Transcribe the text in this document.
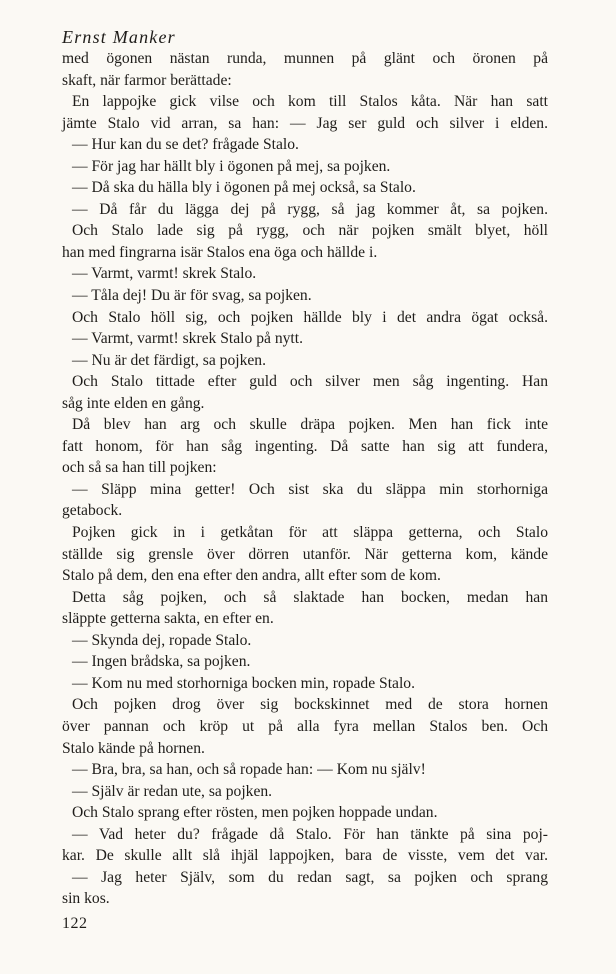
Ernst Manker
med ögonen nästan runda, munnen på glänt och öronen på
skaft, när farmor berättade:
En lappojke gick vilse och kom till Stalos kåta. När han satt
jämte Stalo vid arran, sa han: — Jag ser guld och silver i elden.
— Hur kan du se det? frågade Stalo.
— För jag har hällt bly i ögonen på mej, sa pojken.
— Då ska du hälla bly i ögonen på mej också, sa Stalo.
— Då får du lägga dej på rygg, så jag kommer åt, sa pojken.
Och Stalo lade sig på rygg, och när pojken smält blyet, höll
han med fingrarna isär Stalos ena öga och hällde i.
— Varmt, varmt! skrek Stalo.
— Tåla dej! Du är för svag, sa pojken.
Och Stalo höll sig, och pojken hällde bly i det andra ögat också.
— Varmt, varmt! skrek Stalo på nytt.
— Nu är det färdigt, sa pojken.
Och Stalo tittade efter guld och silver men såg ingenting. Han
såg inte elden en gång.
Då blev han arg och skulle dräpa pojken. Men han fick inte
fatt honom, för han såg ingenting. Då satte han sig att fundera,
och så sa han till pojken:
— Släpp mina getter! Och sist ska du släppa min storhorniga
getabock.
Pojken gick in i getkåtan för att släppa getterna, och Stalo
ställde sig grensle över dörren utanför. När getterna kom, kände
Stalo på dem, den ena efter den andra, allt efter som de kom.
Detta såg pojken, och så slaktade han bocken, medan han
släppte getterna sakta, en efter en.
— Skynda dej, ropade Stalo.
— Ingen brådska, sa pojken.
— Kom nu med storhorniga bocken min, ropade Stalo.
Och pojken drog över sig bockskinnet med de stora hornen
över pannan och kröp ut på alla fyra mellan Stalos ben. Och
Stalo kände på hornen.
— Bra, bra, sa han, och så ropade han: — Kom nu själv!
— Själv är redan ute, sa pojken.
Och Stalo sprang efter rösten, men pojken hoppade undan.
— Vad heter du? frågade då Stalo. För han tänkte på sina poj-
kar. De skulle allt slå ihjäl lappojken, bara de visste, vem det var.
— Jag heter Själv, som du redan sagt, sa pojken och sprang
sin kos.
122
